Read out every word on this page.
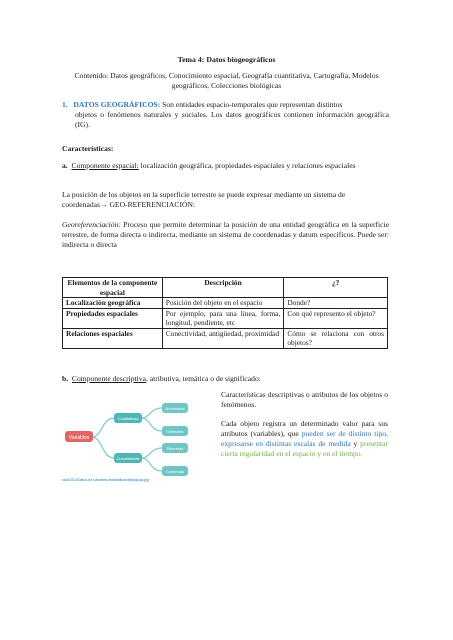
Tema 4: Datos biogeográficos
Contenido: Datos geográficos, Conocimiento espacial, Geografía cuantitativa, Cartografía, Modelos geográficos, Colecciones biológicas
1. DATOS GEOGRÁFICOS: Son entidades espacio-temporales que representan distintos
objetos o fenómenos naturales y sociales. Los datos geográficos contienen información geográfica (IG).
Características:
a. Componente espacial: localización geográfica, propiedades espaciales y relaciones espaciales
La posición de los objetos en la superficie terrestre se puede expresar mediante un sistema de coordenadas→ GEO-REFERENCIACIÓN:
Georeferenciación: Proceso que permite determinar la posición de una entidad geográfica en la superficie terrestre, de forma directa o indirecta, mediante un sistema de coordenadas y datum específicos. Puede ser: indirecta o directa
Elementos de la componente espacial	Descripción	¿?
Localización geográfica	Posición del objeto en el espacio	Donde?
Propiedades espaciales	Por ejemplo, para una línea, forma, longitud, pendiente, etc	Con qué represento el objeto?
Relaciones espaciales	Conectividad, antigüedad, proximidad	Cómo se relaciona con otros objetos?
b. Componente descriptiva, atributiva, temática o de significado:
Características descriptivas o atributos de los objetos o fenómenos.
Cada objeto registra un determinado valor para sus atributos (variables), que pueden ser de distinto tipo, expresarse en distintas escalas de medida y presentar cierta regularidad en el espacio y en el tiempo.
Variables
Cualitativas
Cuantitativas
Nominales
Ordinales
Discretas
Continuas
stuDOCU/Datos-de-variables-estadisticas/biologicas.jpg
